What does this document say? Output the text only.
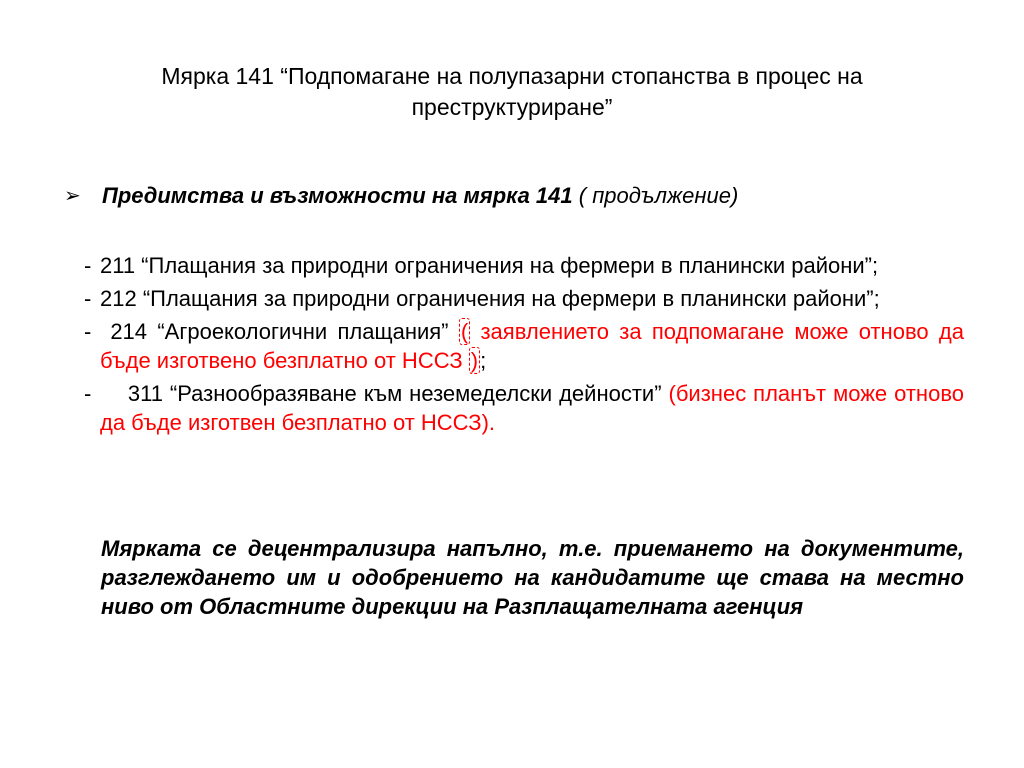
Мярка 141 “Подпомагане на полупазарни стопанства в процес на преструктуриране”
➢ Предимства и възможности на мярка 141 ( продължение)
- 211 “Плащания за природни ограничения на фермери в планински райони”;
- 212 “Плащания за природни ограничения на фермери в планински райони”;
- 214 “Агроекологични плащания” ( заявлението за подпомагане може отново да бъде изготвено безплатно от НССЗ );
-	311 “Разнообразяване към неземеделски дейности” (бизнес планът може отново да бъде изготвен безплатно от НССЗ).
Мярката се децентрализира напълно, т.е. приемането на документите, разглеждането им и одобрението на кандидатите ще става на местно ниво от Областните дирекции на Разплащателната агенция
